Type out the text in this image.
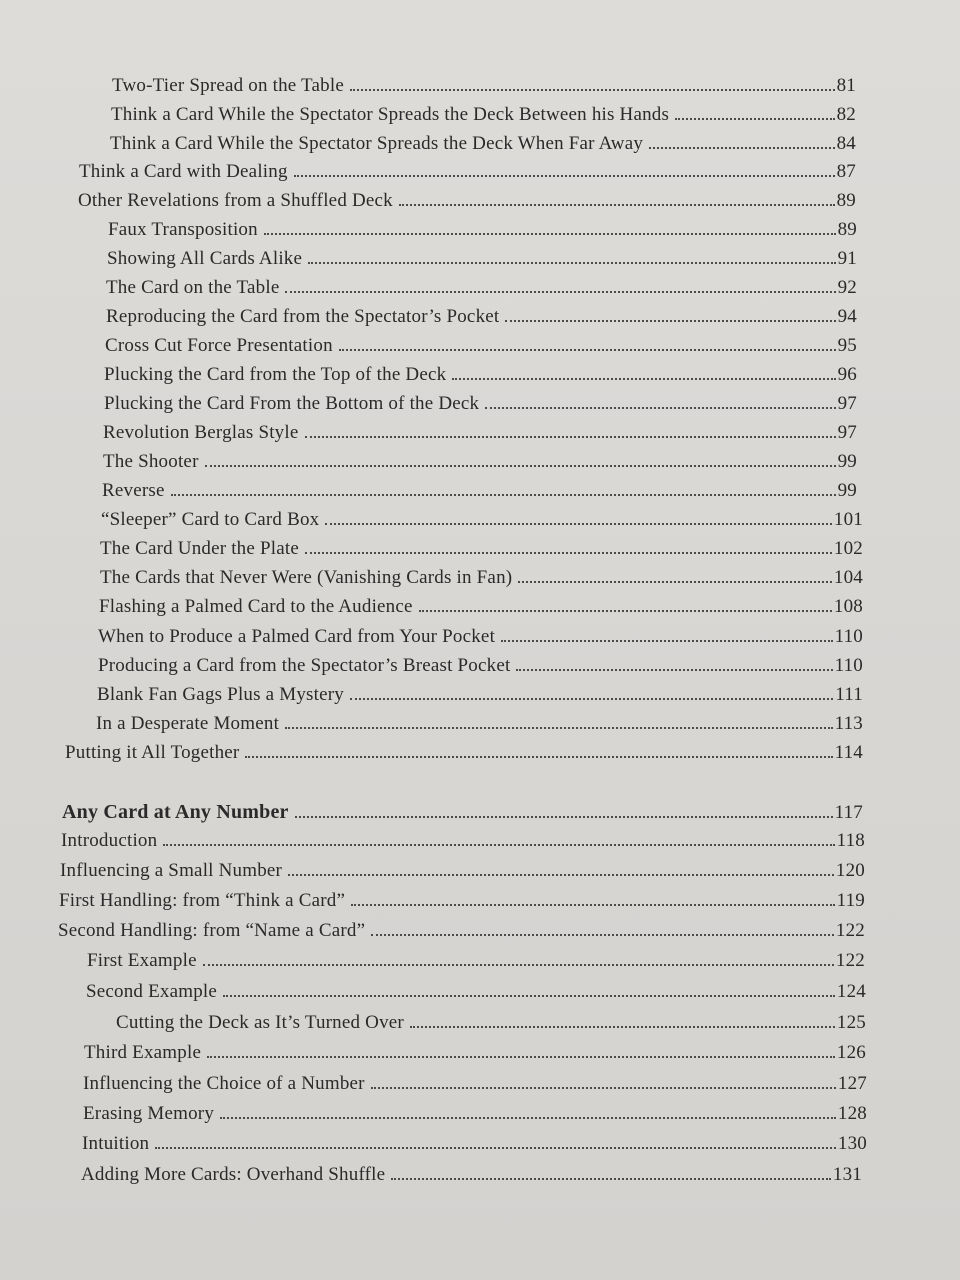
Two-Tier Spread on the Table	81
Think a Card While the Spectator Spreads the Deck Between his Hands	82
Think a Card While the Spectator Spreads the Deck When Far Away	84
Think a Card with Dealing	87
Other Revelations from a Shuffled Deck	89
Faux Transposition	89
Showing All Cards Alike	91
The Card on the Table	92
Reproducing the Card from the Spectator’s Pocket	94
Cross Cut Force Presentation	95
Plucking the Card from the Top of the Deck	96
Plucking the Card From the Bottom of the Deck	97
Revolution Berglas Style	97
The Shooter	99
Reverse	99
“Sleeper” Card to Card Box	101
The Card Under the Plate	102
The Cards that Never Were (Vanishing Cards in Fan)	104
Flashing a Palmed Card to the Audience	108
When to Produce a Palmed Card from Your Pocket	110
Producing a Card from the Spectator’s Breast Pocket	110
Blank Fan Gags Plus a Mystery	111
In a Desperate Moment	113
Putting it All Together	114
Any Card at Any Number	117
Introduction	118
Influencing a Small Number	120
First Handling: from “Think a Card”	119
Second Handling: from “Name a Card”	122
First Example	122
Second Example	124
Cutting the Deck as It’s Turned Over	125
Third Example	126
Influencing the Choice of a Number	127
Erasing Memory	128
Intuition	130
Adding More Cards: Overhand Shuffle	131
